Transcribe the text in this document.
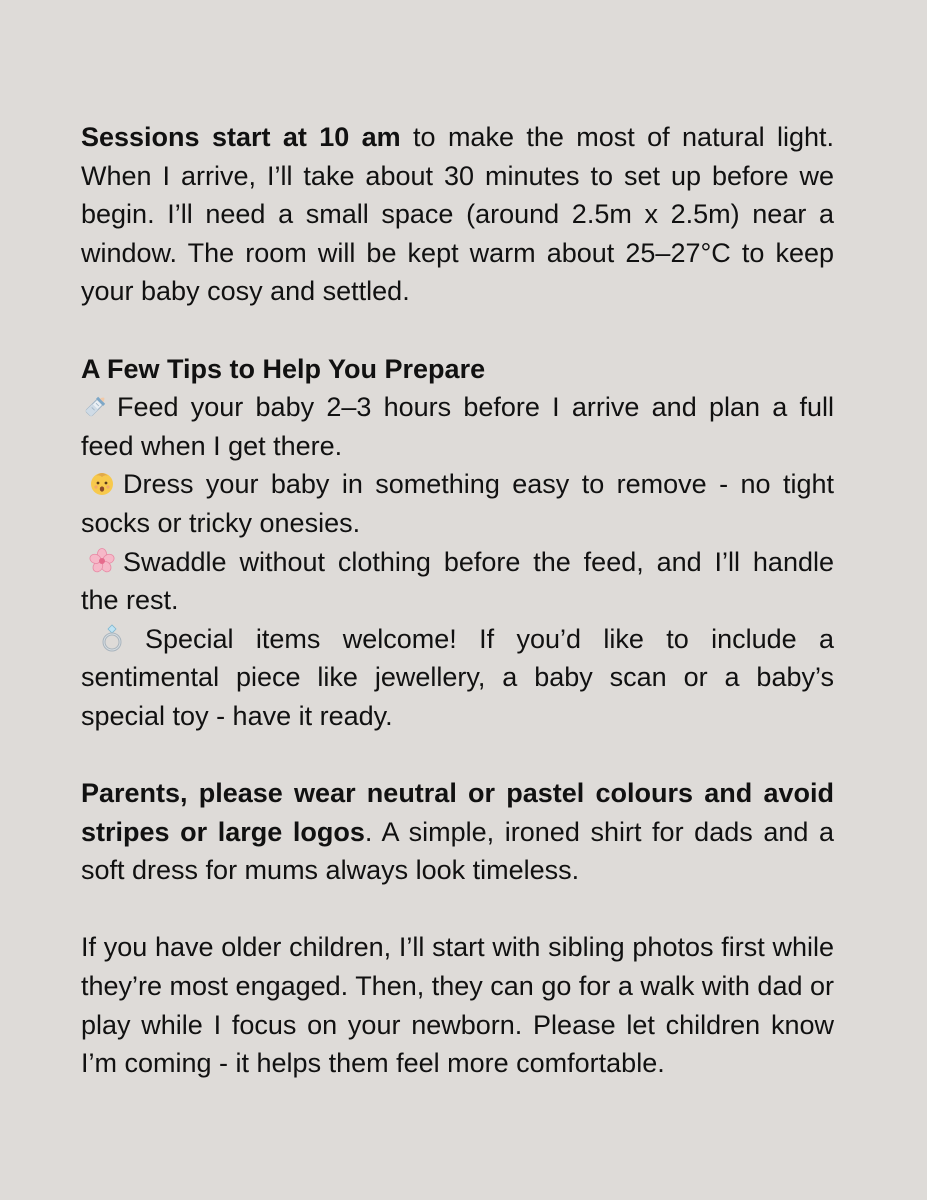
Sessions start at 10 am to make the most of natural light. When I arrive, I’ll take about 30 minutes to set up before we begin. I’ll need a small space (around 2.5m x 2.5m) near a window. The room will be kept warm about 25–27°C to keep your baby cosy and settled.

A Few Tips to Help You Prepare

Feed your baby 2–3 hours before I arrive and plan a full feed when I get there.

Dress your baby in something easy to remove - no tight socks or tricky onesies.

Swaddle without clothing before the feed, and I’ll handle the rest.

Special items welcome! If you’d like to include a sentimental piece like jewellery, a baby scan or a baby’s special toy - have it ready.

Parents, please wear neutral or pastel colours and avoid stripes or large logos. A simple, ironed shirt for dads and a soft dress for mums always look timeless.

If you have older children, I’ll start with sibling photos first while they’re most engaged. Then, they can go for a walk with dad or play while I focus on your newborn. Please let children know I’m coming - it helps them feel more comfortable.
